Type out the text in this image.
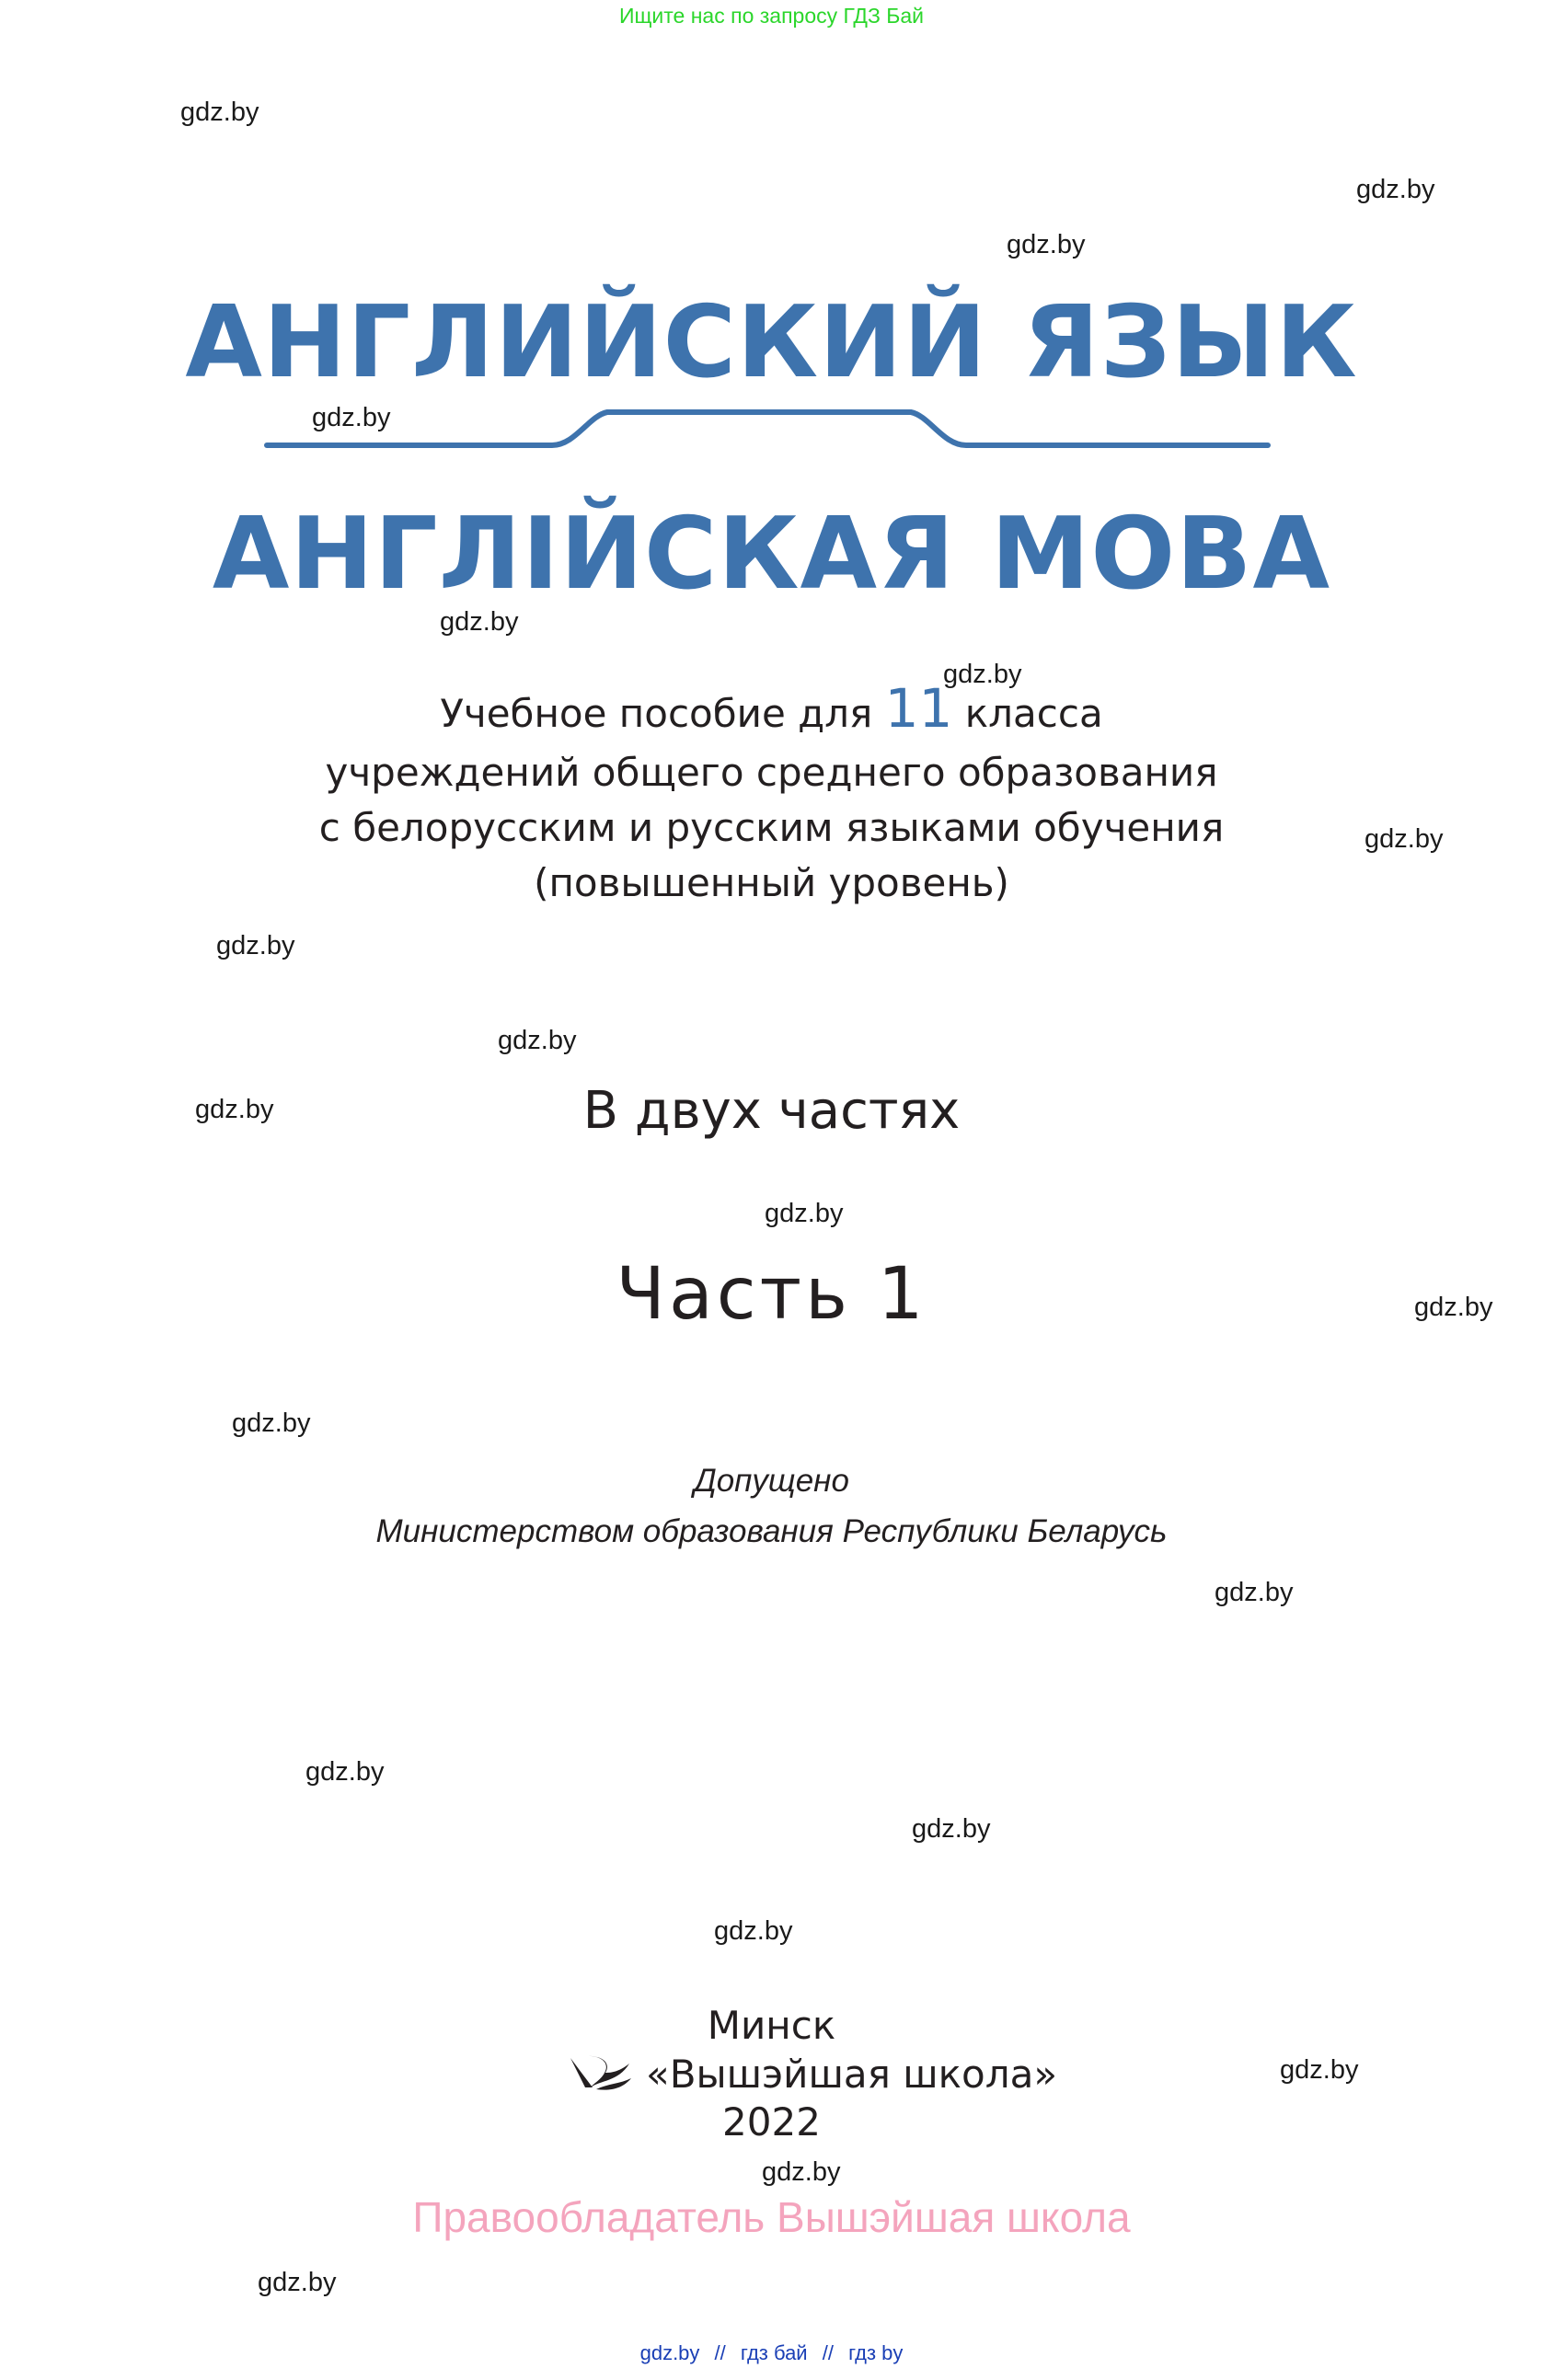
Ищите нас по запросу ГДЗ Бай
gdz.by
gdz.by
gdz.by
gdz.by
gdz.by
gdz.by
gdz.by
gdz.by
gdz.by
gdz.by
gdz.by
gdz.by
gdz.by
gdz.by
gdz.by
gdz.by
gdz.by
gdz.by
gdz.by
gdz.by
АНГЛИЙСКИЙ ЯЗЫК
АНГЛІЙСКАЯ МОВА
Учебное пособие для 11 класса
учреждений общего среднего образования
с белорусским и русским языками обучения
(повышенный уровень)
В двух частях
Часть 1
Допущено
Министерством образования Республики Беларусь
Минск
«Вышэйшая школа»
2022
Правообладатель Вышэйшая школа
gdz.by // гдз бай // гдз by
